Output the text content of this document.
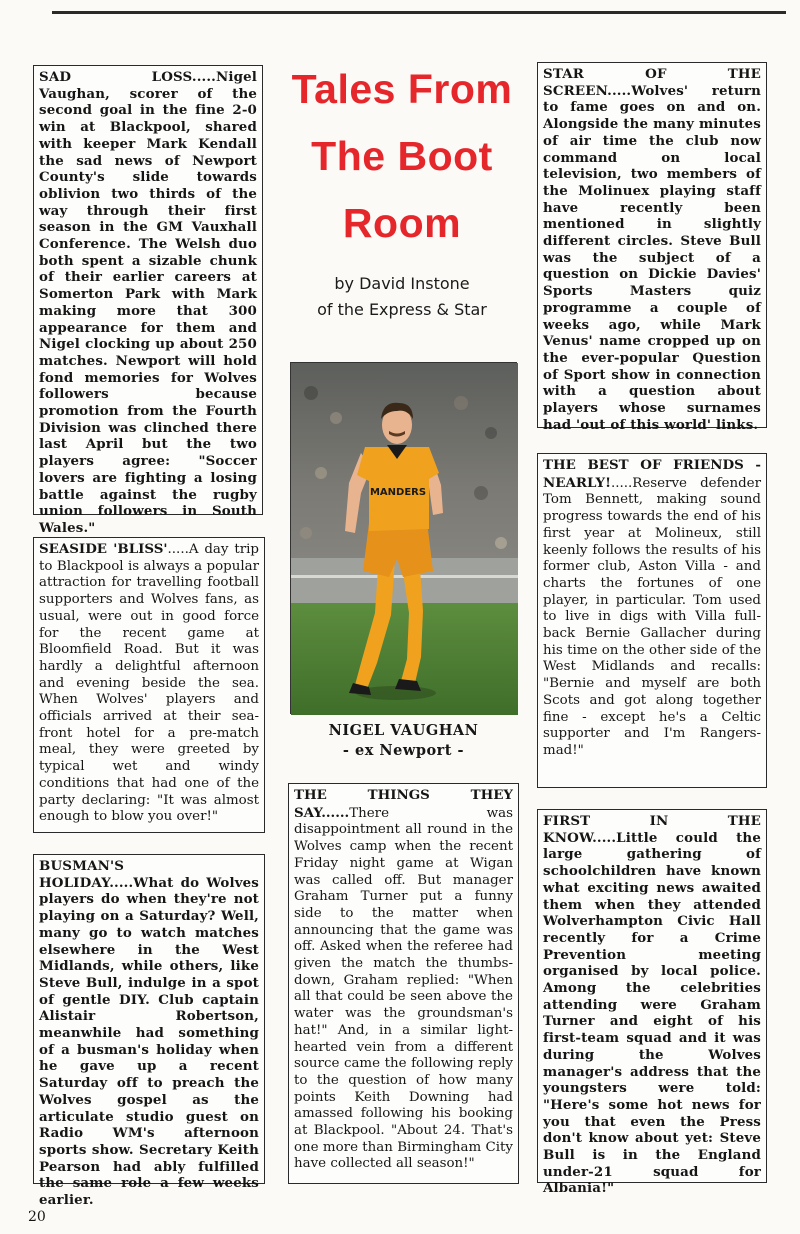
SAD LOSS.....Nigel Vaughan, scorer of the second goal in the fine 2-0 win at Blackpool, shared with keeper Mark Kendall the sad news of Newport County's slide towards oblivion two thirds of the way through their first season in the GM Vauxhall Conference. The Welsh duo both spent a sizable chunk of their earlier careers at Somerton Park with Mark making more that 300 appearance for them and Nigel clocking up about 250 matches. Newport will hold fond memories for Wolves followers because promotion from the Fourth Division was clinched there last April but the two players agree: "Soccer lovers are fighting a losing battle against the rugby union followers in South Wales."
SEASIDE 'BLISS'.....A day trip to Blackpool is always a popular attraction for travelling football supporters and Wolves fans, as usual, were out in good force for the recent game at Bloomfield Road. But it was hardly a delightful afternoon and evening beside the sea. When Wolves' players and officials arrived at their sea-front hotel for a pre-match meal, they were greeted by typical wet and windy conditions that had one of the party declaring: "It was almost enough to blow you over!"
BUSMAN'S HOLIDAY.....What do Wolves players do when they're not playing on a Saturday? Well, many go to watch matches elsewhere in the West Midlands, while others, like Steve Bull, indulge in a spot of gentle DIY. Club captain Alistair Robertson, meanwhile had something of a busman's holiday when he gave up a recent Saturday off to preach the Wolves gospel as the articulate studio guest on Radio WM's afternoon sports show. Secretary Keith Pearson had ably fulfilled the same role a few weeks earlier.
Tales From
The Boot
Room
by David Instone
of the Express & Star
MANDERS
NIGEL VAUGHAN
- ex Newport -
THE THINGS THEY SAY......There was disappointment all round in the Wolves camp when the recent Friday night game at Wigan was called off. But manager Graham Turner put a funny side to the matter when announcing that the game was off. Asked when the referee had given the match the thumbs-down, Graham replied: "When all that could be seen above the water was the groundsman's hat!" And, in a similar light-hearted vein from a different source came the following reply to the question of how many points Keith Downing had amassed following his booking at Blackpool. "About 24. That's one more than Birmingham City have collected all season!"
STAR OF THE SCREEN.....Wolves' return to fame goes on and on. Alongside the many minutes of air time the club now command on local television, two members of the Molinuex playing staff have recently been mentioned in slightly different circles. Steve Bull was the subject of a question on Dickie Davies' Sports Masters quiz programme a couple of weeks ago, while Mark Venus' name cropped up on the ever-popular Question of Sport show in connection with a question about players whose surnames had 'out of this world' links.
THE BEST OF FRIENDS - NEARLY!.....Reserve defender Tom Bennett, making sound progress towards the end of his first year at Molineux, still keenly follows the results of his former club, Aston Villa - and charts the fortunes of one player, in particular. Tom used to live in digs with Villa full-back Bernie Gallacher during his time on the other side of the West Midlands and recalls: "Bernie and myself are both Scots and got along together fine - except he's a Celtic supporter and I'm Rangers-mad!"
FIRST IN THE KNOW.....Little could the large gathering of schoolchildren have known what exciting news awaited them when they attended Wolverhampton Civic Hall recently for a Crime Prevention meeting organised by local police. Among the celebrities attending were Graham Turner and eight of his first-team squad and it was during the Wolves manager's address that the youngsters were told: "Here's some hot news for you that even the Press don't know about yet: Steve Bull is in the England under-21 squad for Albania!"
20
